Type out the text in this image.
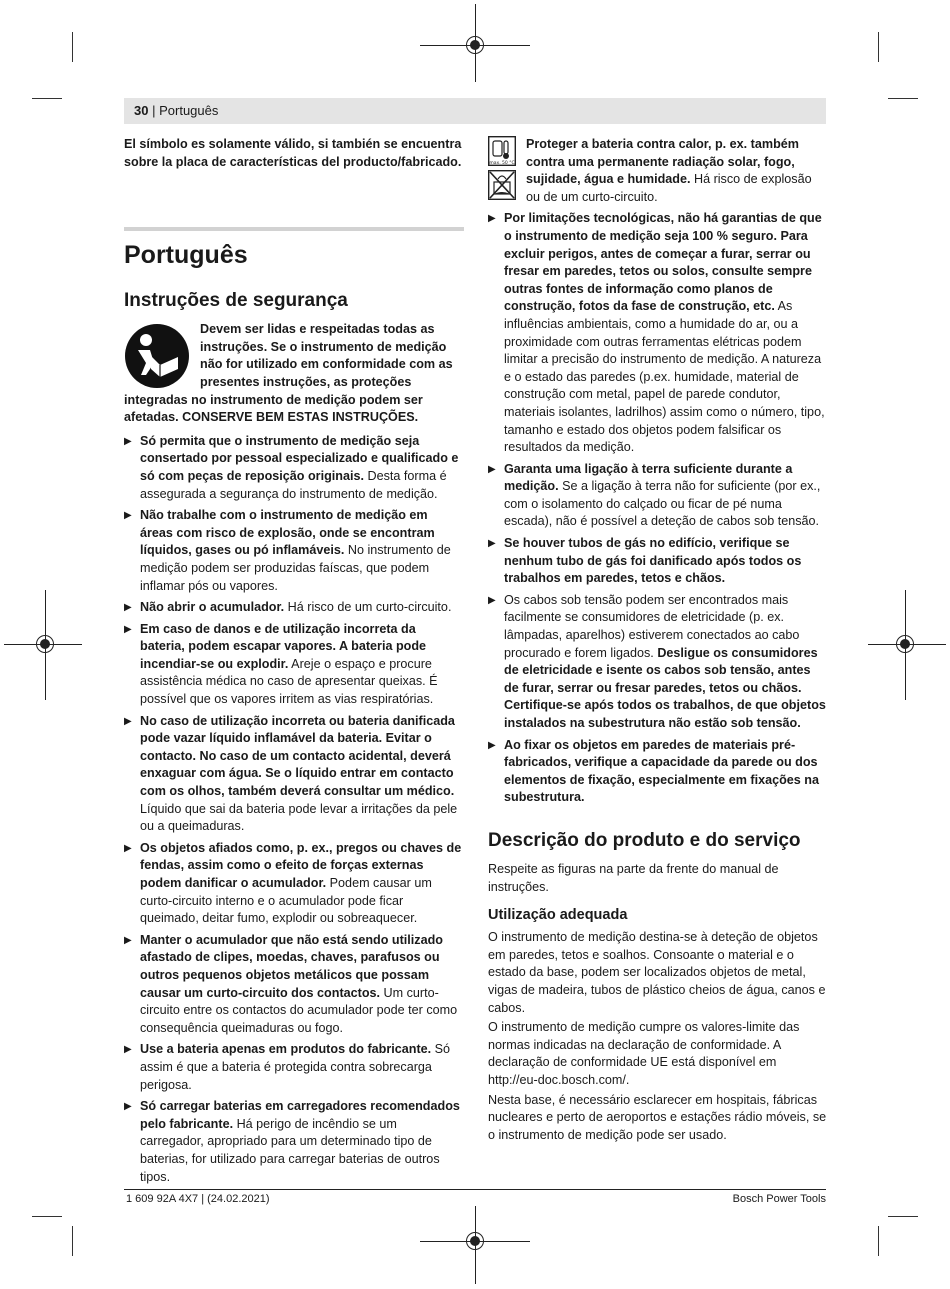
30 | Português

El símbolo es solamente válido, si también se encuentra sobre la placa de características del producto/fabricado.

Português
Instruções de segurança
Devem ser lidas e respeitadas todas as instruções. Se o instrumento de medição não for utilizado em conformidade com as presentes instruções, as proteções integradas no instrumento de medição podem ser afetadas. CONSERVE BEM ESTAS INSTRUÇÕES.
▶ Só permita que o instrumento de medição seja consertado por pessoal especializado e qualificado e só com peças de reposição originais. Desta forma é assegurada a segurança do instrumento de medição.
▶ Não trabalhe com o instrumento de medição em áreas com risco de explosão, onde se encontram líquidos, gases ou pó inflamáveis. No instrumento de medição podem ser produzidas faíscas, que podem inflamar pós ou vapores.
▶ Não abrir o acumulador. Há risco de um curto-circuito.
▶ Em caso de danos e de utilização incorreta da bateria, podem escapar vapores. A bateria pode incendiar-se ou explodir. Areje o espaço e procure assistência médica no caso de apresentar queixas. É possível que os vapores irritem as vias respiratórias.
▶ No caso de utilização incorreta ou bateria danificada pode vazar líquido inflamável da bateria. Evitar o contacto. No caso de um contacto acidental, deverá enxaguar com água. Se o líquido entrar em contacto com os olhos, também deverá consultar um médico. Líquido que sai da bateria pode levar a irritações da pele ou a queimaduras.
▶ Os objetos afiados como, p. ex., pregos ou chaves de fendas, assim como o efeito de forças externas podem danificar o acumulador. Podem causar um curto-circuito interno e o acumulador pode ficar queimado, deitar fumo, explodir ou sobreaquecer.
▶ Manter o acumulador que não está sendo utilizado afastado de clipes, moedas, chaves, parafusos ou outros pequenos objetos metálicos que possam causar um curto-circuito dos contactos. Um curto-circuito entre os contactos do acumulador pode ter como consequência queimaduras ou fogo.
▶ Use a bateria apenas em produtos do fabricante. Só assim é que a bateria é protegida contra sobrecarga perigosa.
▶ Só carregar baterias em carregadores recomendados pelo fabricante. Há perigo de incêndio se um carregador, apropriado para um determinado tipo de baterias, for utilizado para carregar baterias de outros tipos.
max. 50 °C
Proteger a bateria contra calor, p. ex. também contra uma permanente radiação solar, fogo, sujidade, água e humidade. Há risco de explosão ou de um curto-circuito.
▶ Por limitações tecnológicas, não há garantias de que o instrumento de medição seja 100 % seguro. Para excluir perigos, antes de começar a furar, serrar ou fresar em paredes, tetos ou solos, consulte sempre outras fontes de informação como planos de construção, fotos da fase de construção, etc. As influências ambientais, como a humidade do ar, ou a proximidade com outras ferramentas elétricas podem limitar a precisão do instrumento de medição. A natureza e o estado das paredes (p.ex. humidade, material de construção com metal, papel de parede condutor, materiais isolantes, ladrilhos) assim como o número, tipo, tamanho e estado dos objetos podem falsificar os resultados da medição.
▶ Garanta uma ligação à terra suficiente durante a medição. Se a ligação à terra não for suficiente (por ex., com o isolamento do calçado ou ficar de pé numa escada), não é possível a deteção de cabos sob tensão.
▶ Se houver tubos de gás no edifício, verifique se nenhum tubo de gás foi danificado após todos os trabalhos em paredes, tetos e chãos.
▶ Os cabos sob tensão podem ser encontrados mais facilmente se consumidores de eletricidade (p. ex. lâmpadas, aparelhos) estiverem conectados ao cabo procurado e forem ligados. Desligue os consumidores de eletricidade e isente os cabos sob tensão, antes de furar, serrar ou fresar paredes, tetos ou chãos. Certifique-se após todos os trabalhos, de que objetos instalados na subestrutura não estão sob tensão.
▶ Ao fixar os objetos em paredes de materiais pré-fabricados, verifique a capacidade da parede ou dos elementos de fixação, especialmente em fixações na subestrutura.
Descrição do produto e do serviço

Respeite as figuras na parte da frente do manual de instruções.

Utilização adequada

O instrumento de medição destina-se à deteção de objetos em paredes, tetos e soalhos. Consoante o material e o estado da base, podem ser localizados objetos de metal, vigas de madeira, tubos de plástico cheios de água, canos e cabos.

O instrumento de medição cumpre os valores-limite das normas indicadas na declaração de conformidade. A declaração de conformidade UE está disponível em http://eu-doc.bosch.com/.

Nesta base, é necessário esclarecer em hospitais, fábricas nucleares e perto de aeroportos e estações rádio móveis, se o instrumento de medição pode ser usado.

1 609 92A 4X7 | (24.02.2021)	Bosch Power Tools
